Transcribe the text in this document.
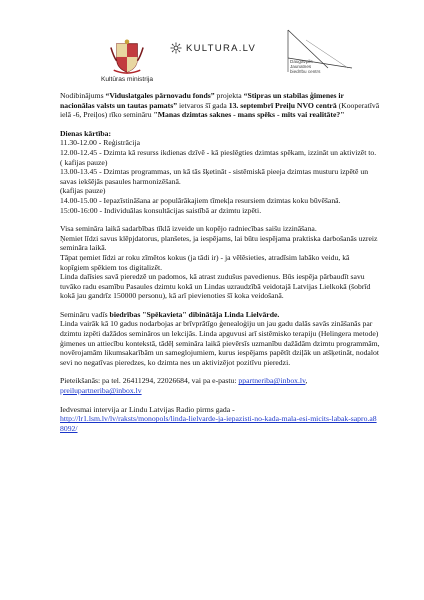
Kultūras ministrija
KULTURA.LV
Daugavpils Jaunatnes
biedrību centrs

Nodibinājums “Viduslatgales pārnovadu fonds” projekta “Stipras un stabilas ģimenes ir nacionālas valsts un tautas pamats” ietvaros šī gada 13. septembrī Preiļu NVO centrā (Kooperatīvā ielā -6, Preiļos) rīko semināru "Manas dzimtas saknes - mans spēks - mīts vai realitāte?"

Dienas kārtība:

11.30-12.00 - Reģistrācija

12.00-12.45 - Dzimta kā resurss ikdienas dzīvē - kā pieslēgties dzimtas spēkam, izzināt un aktivizēt to.

( kafijas pauze)

13.00-13.45 - Dzimtas programmas, un kā tās šķetināt - sistēmiskā pieeja dzimtas musturu izpētē un savas iekšējās pasaules harmonizēšanā.

(kafijas pauze)

14.00-15.00 - Iepazīstināšana ar populārākajiem tīmekļa resursiem dzimtas koku būvēšanā.

15:00-16:00 - Individuālas konsultācijas saistībā ar dzimtu izpēti.

Visa semināra laikā sadarbības tīklā izveide un kopējo radniecības saišu izzināšana.

Ņemiet līdzi savus klēpjdatorus, planšetes, ja iespējams, lai būtu iespējama praktiska darbošanās uzreiz semināra laikā.

Tāpat ņemiet līdzi ar roku zīmētos kokus (ja tādi ir) - ja vēlēsieties, atradīsim labāko veidu, kā kopīgiem spēkiem tos digitalizēt.

Linda dalīsies savā pieredzē un padomos, kā atrast zudušus pavedienus. Būs iespēja pārbaudīt savu tuvāko radu esamību Pasaules dzimtu kokā un Lindas uzraudzībā veidotajā Latvijas Lielkokā (šobrīd kokā jau gandrīz 150000 personu), kā arī pievienoties šī koka veidošanā.

Semināru vadīs biedrības "Spēkavieta" dibinātāja Linda Lielvārde.

Linda vairāk kā 10 gadus nodarbojas ar brīvprātīgo ģenealoģiju un jau gadu dalās savās zināšanās par dzimtu izpēti dažādos semināros un lekcijās. Linda apguvusi arī sistēmisko terapiju (Helingera metode) ģimenes un attiecību kontekstā, tādēļ semināra laikā pievērsīs uzmanību dažādām dzimtu programmām, novērojamām likumsakarībām un sameglojumiem, kurus iespējams papētīt dziļāk un atšķetināt, nodalot sevi no negatīvas pieredzes, ko dzimta nes un aktivizējot pozitīvu pieredzi.

Pieteikšanās: pa tel. 26411294, 22026684, vai pa e-pastu: ppartneriba@inbox.lv,
preilupartneriba@inbox.lv

Iedvesmai intervija ar Lindu Latvijas Radio pirms gada -

http://lr1.lsm.lv/lv/raksts/monopols/linda-lielvarde-ja-iepazisti-no-kada-mala-esi-micits-labak-sapro.a88092/
